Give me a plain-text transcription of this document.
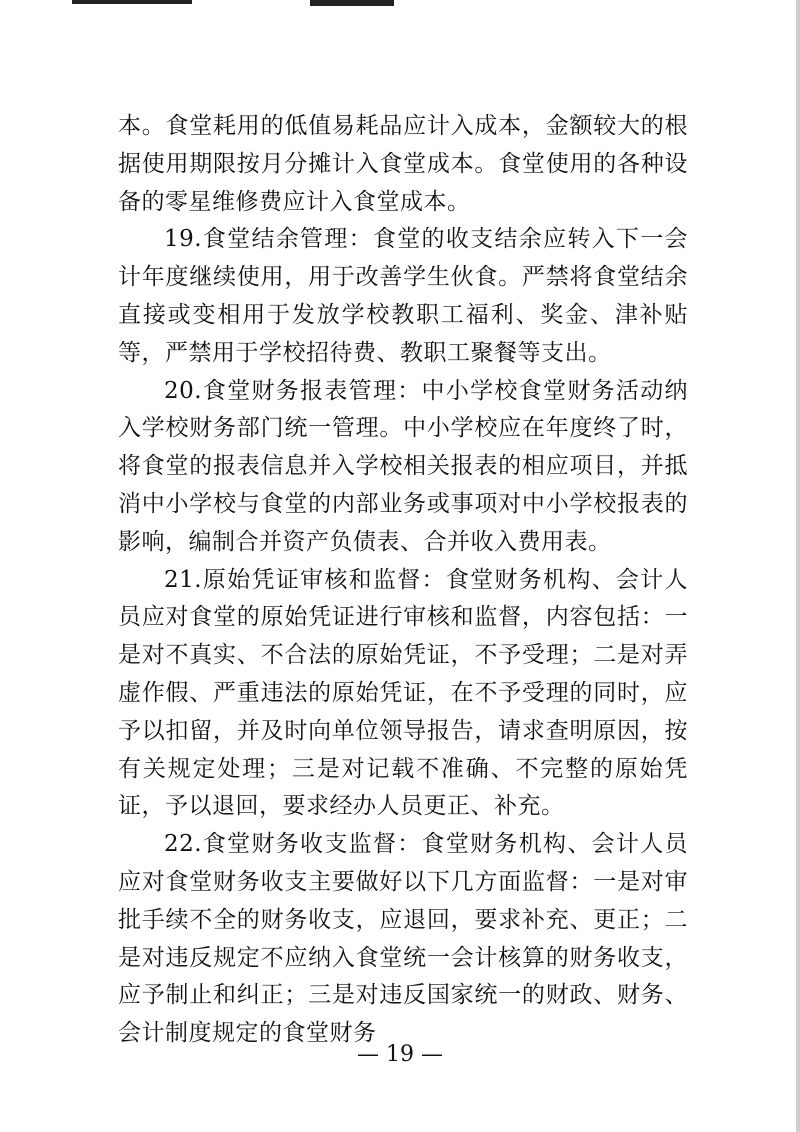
本。食堂耗用的低值易耗品应计入成本，金额较大的根据使用期限按月分摊计入食堂成本。食堂使用的各种设备的零星维修费应计入食堂成本。

19.食堂结余管理：食堂的收支结余应转入下一会计年度继续使用，用于改善学生伙食。严禁将食堂结余直接或变相用于发放学校教职工福利、奖金、津补贴等，严禁用于学校招待费、教职工聚餐等支出。

20.食堂财务报表管理：中小学校食堂财务活动纳入学校财务部门统一管理。中小学校应在年度终了时，将食堂的报表信息并入学校相关报表的相应项目，并抵消中小学校与食堂的内部业务或事项对中小学校报表的影响，编制合并资产负债表、合并收入费用表。

21.原始凭证审核和监督：食堂财务机构、会计人员应对食堂的原始凭证进行审核和监督，内容包括：一是对不真实、不合法的原始凭证，不予受理；二是对弄虚作假、严重违法的原始凭证，在不予受理的同时，应予以扣留，并及时向单位领导报告，请求查明原因，按有关规定处理；三是对记载不准确、不完整的原始凭证，予以退回，要求经办人员更正、补充。

22.食堂财务收支监督：食堂财务机构、会计人员应对食堂财务收支主要做好以下几方面监督：一是对审批手续不全的财务收支，应退回，要求补充、更正；二是对违反规定不应纳入食堂统一会计核算的财务收支，应予制止和纠正；三是对违反国家统一的财政、财务、会计制度规定的食堂财务

— 19 —
